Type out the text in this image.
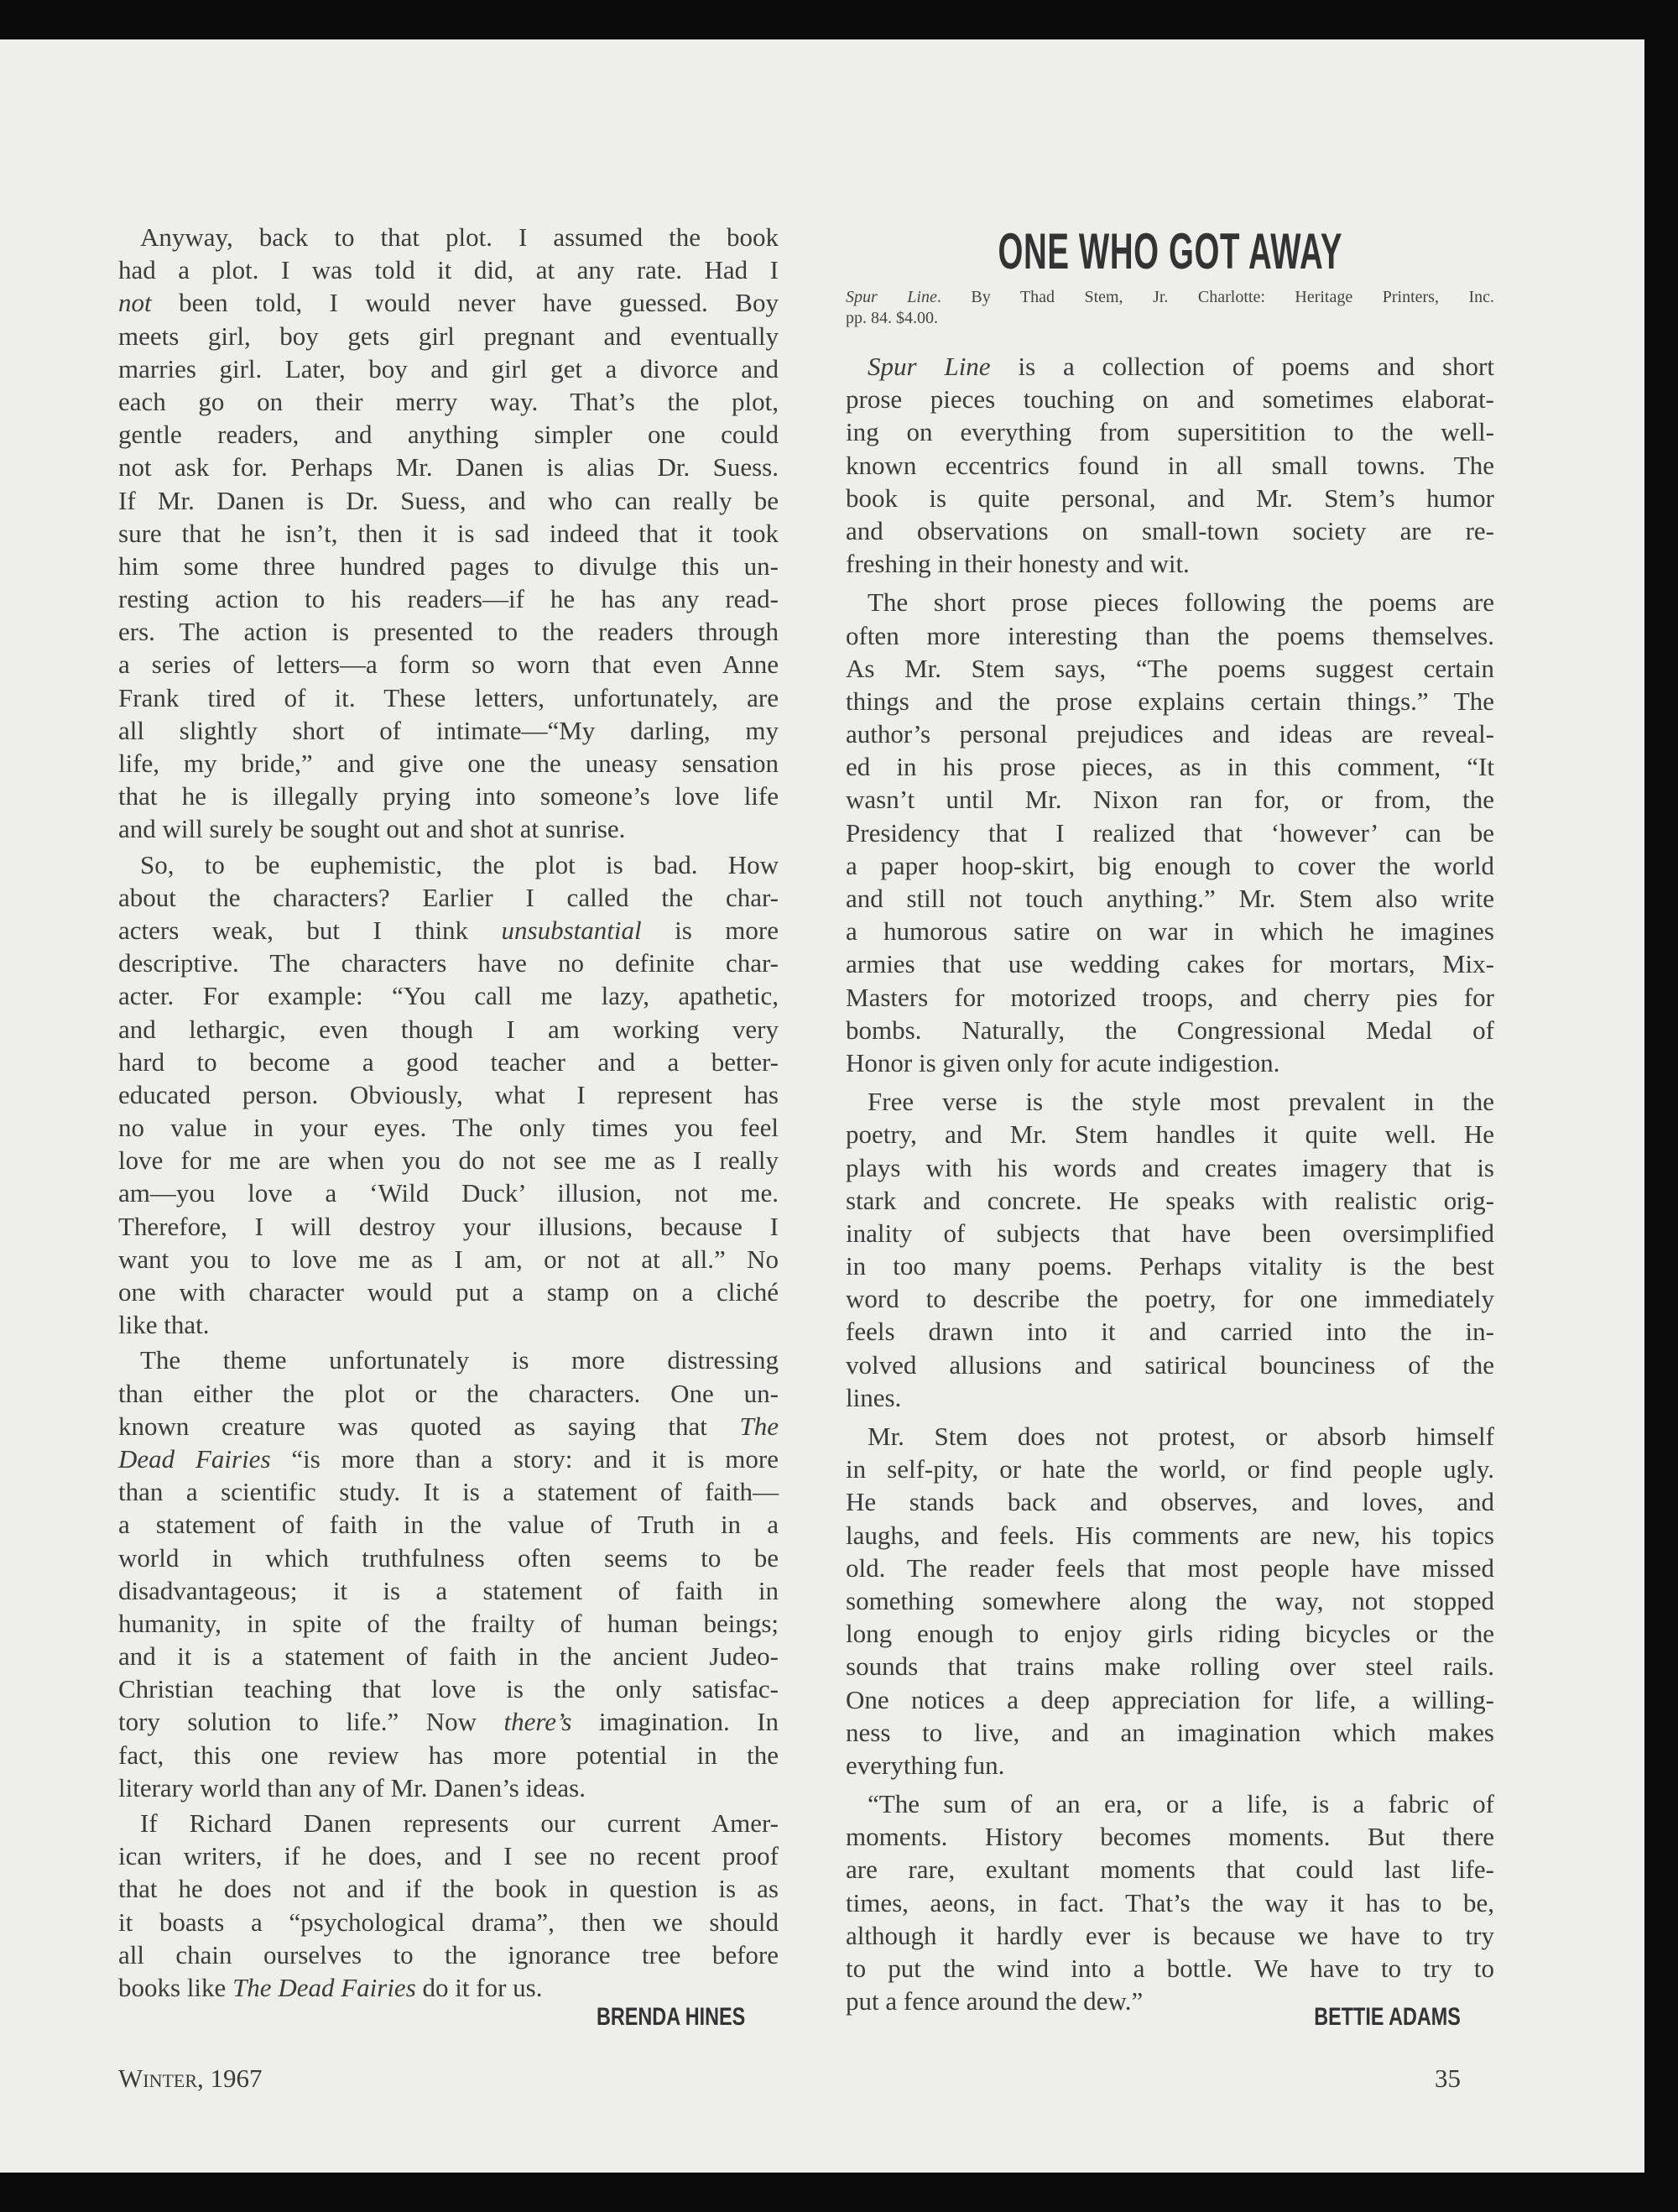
ONE WHO GOT AWAY
Spur Line. By Thad Stem, Jr. Charlotte: Heritage Printers, Inc.
pp. 84. $4.00.
Anyway, back to that plot. I assumed the book
had a plot. I was told it did, at any rate. Had I
not been told, I would never have guessed. Boy
meets girl, boy gets girl pregnant and eventually
marries girl. Later, boy and girl get a divorce and
each go on their merry way. That’s the plot,
gentle readers, and anything simpler one could
not ask for. Perhaps Mr. Danen is alias Dr. Suess.
If Mr. Danen is Dr. Suess, and who can really be
sure that he isn’t, then it is sad indeed that it took
him some three hundred pages to divulge this un-
resting action to his readers—if he has any read-
ers. The action is presented to the readers through
a series of letters—a form so worn that even Anne
Frank tired of it. These letters, unfortunately, are
all slightly short of intimate—“My darling, my
life, my bride,” and give one the uneasy sensation
that he is illegally prying into someone’s love life
and will surely be sought out and shot at sunrise.
So, to be euphemistic, the plot is bad. How
about the characters? Earlier I called the char-
acters weak, but I think unsubstantial is more
descriptive. The characters have no definite char-
acter. For example: “You call me lazy, apathetic,
and lethargic, even though I am working very
hard to become a good teacher and a better-
educated person. Obviously, what I represent has
no value in your eyes. The only times you feel
love for me are when you do not see me as I really
am—you love a ‘Wild Duck’ illusion, not me.
Therefore, I will destroy your illusions, because I
want you to love me as I am, or not at all.” No
one with character would put a stamp on a cliché
like that.
The theme unfortunately is more distressing
than either the plot or the characters. One un-
known creature was quoted as saying that The
Dead Fairies “is more than a story: and it is more
than a scientific study. It is a statement of faith—
a statement of faith in the value of Truth in a
world in which truthfulness often seems to be
disadvantageous; it is a statement of faith in
humanity, in spite of the frailty of human beings;
and it is a statement of faith in the ancient Judeo-
Christian teaching that love is the only satisfac-
tory solution to life.” Now there’s imagination. In
fact, this one review has more potential in the
literary world than any of Mr. Danen’s ideas.
If Richard Danen represents our current Amer-
ican writers, if he does, and I see no recent proof
that he does not and if the book in question is as
it boasts a “psychological drama”, then we should
all chain ourselves to the ignorance tree before
books like The Dead Fairies do it for us.
BRENDA HINES
Spur Line is a collection of poems and short
prose pieces touching on and sometimes elaborat-
ing on everything from supersitition to the well-
known eccentrics found in all small towns. The
book is quite personal, and Mr. Stem’s humor
and observations on small-town society are re-
freshing in their honesty and wit.
The short prose pieces following the poems are
often more interesting than the poems themselves.
As Mr. Stem says, “The poems suggest certain
things and the prose explains certain things.” The
author’s personal prejudices and ideas are reveal-
ed in his prose pieces, as in this comment, “It
wasn’t until Mr. Nixon ran for, or from, the
Presidency that I realized that ‘however’ can be
a paper hoop-skirt, big enough to cover the world
and still not touch anything.” Mr. Stem also write
a humorous satire on war in which he imagines
armies that use wedding cakes for mortars, Mix-
Masters for motorized troops, and cherry pies for
bombs. Naturally, the Congressional Medal of
Honor is given only for acute indigestion.
Free verse is the style most prevalent in the
poetry, and Mr. Stem handles it quite well. He
plays with his words and creates imagery that is
stark and concrete. He speaks with realistic orig-
inality of subjects that have been oversimplified
in too many poems. Perhaps vitality is the best
word to describe the poetry, for one immediately
feels drawn into it and carried into the in-
volved allusions and satirical bounciness of the
lines.
Mr. Stem does not protest, or absorb himself
in self-pity, or hate the world, or find people ugly.
He stands back and observes, and loves, and
laughs, and feels. His comments are new, his topics
old. The reader feels that most people have missed
something somewhere along the way, not stopped
long enough to enjoy girls riding bicycles or the
sounds that trains make rolling over steel rails.
One notices a deep appreciation for life, a willing-
ness to live, and an imagination which makes
everything fun.
“The sum of an era, or a life, is a fabric of
moments. History becomes moments. But there
are rare, exultant moments that could last life-
times, aeons, in fact. That’s the way it has to be,
although it hardly ever is because we have to try
to put the wind into a bottle. We have to try to
put a fence around the dew.”
BETTIE ADAMS
Winter, 1967	35
